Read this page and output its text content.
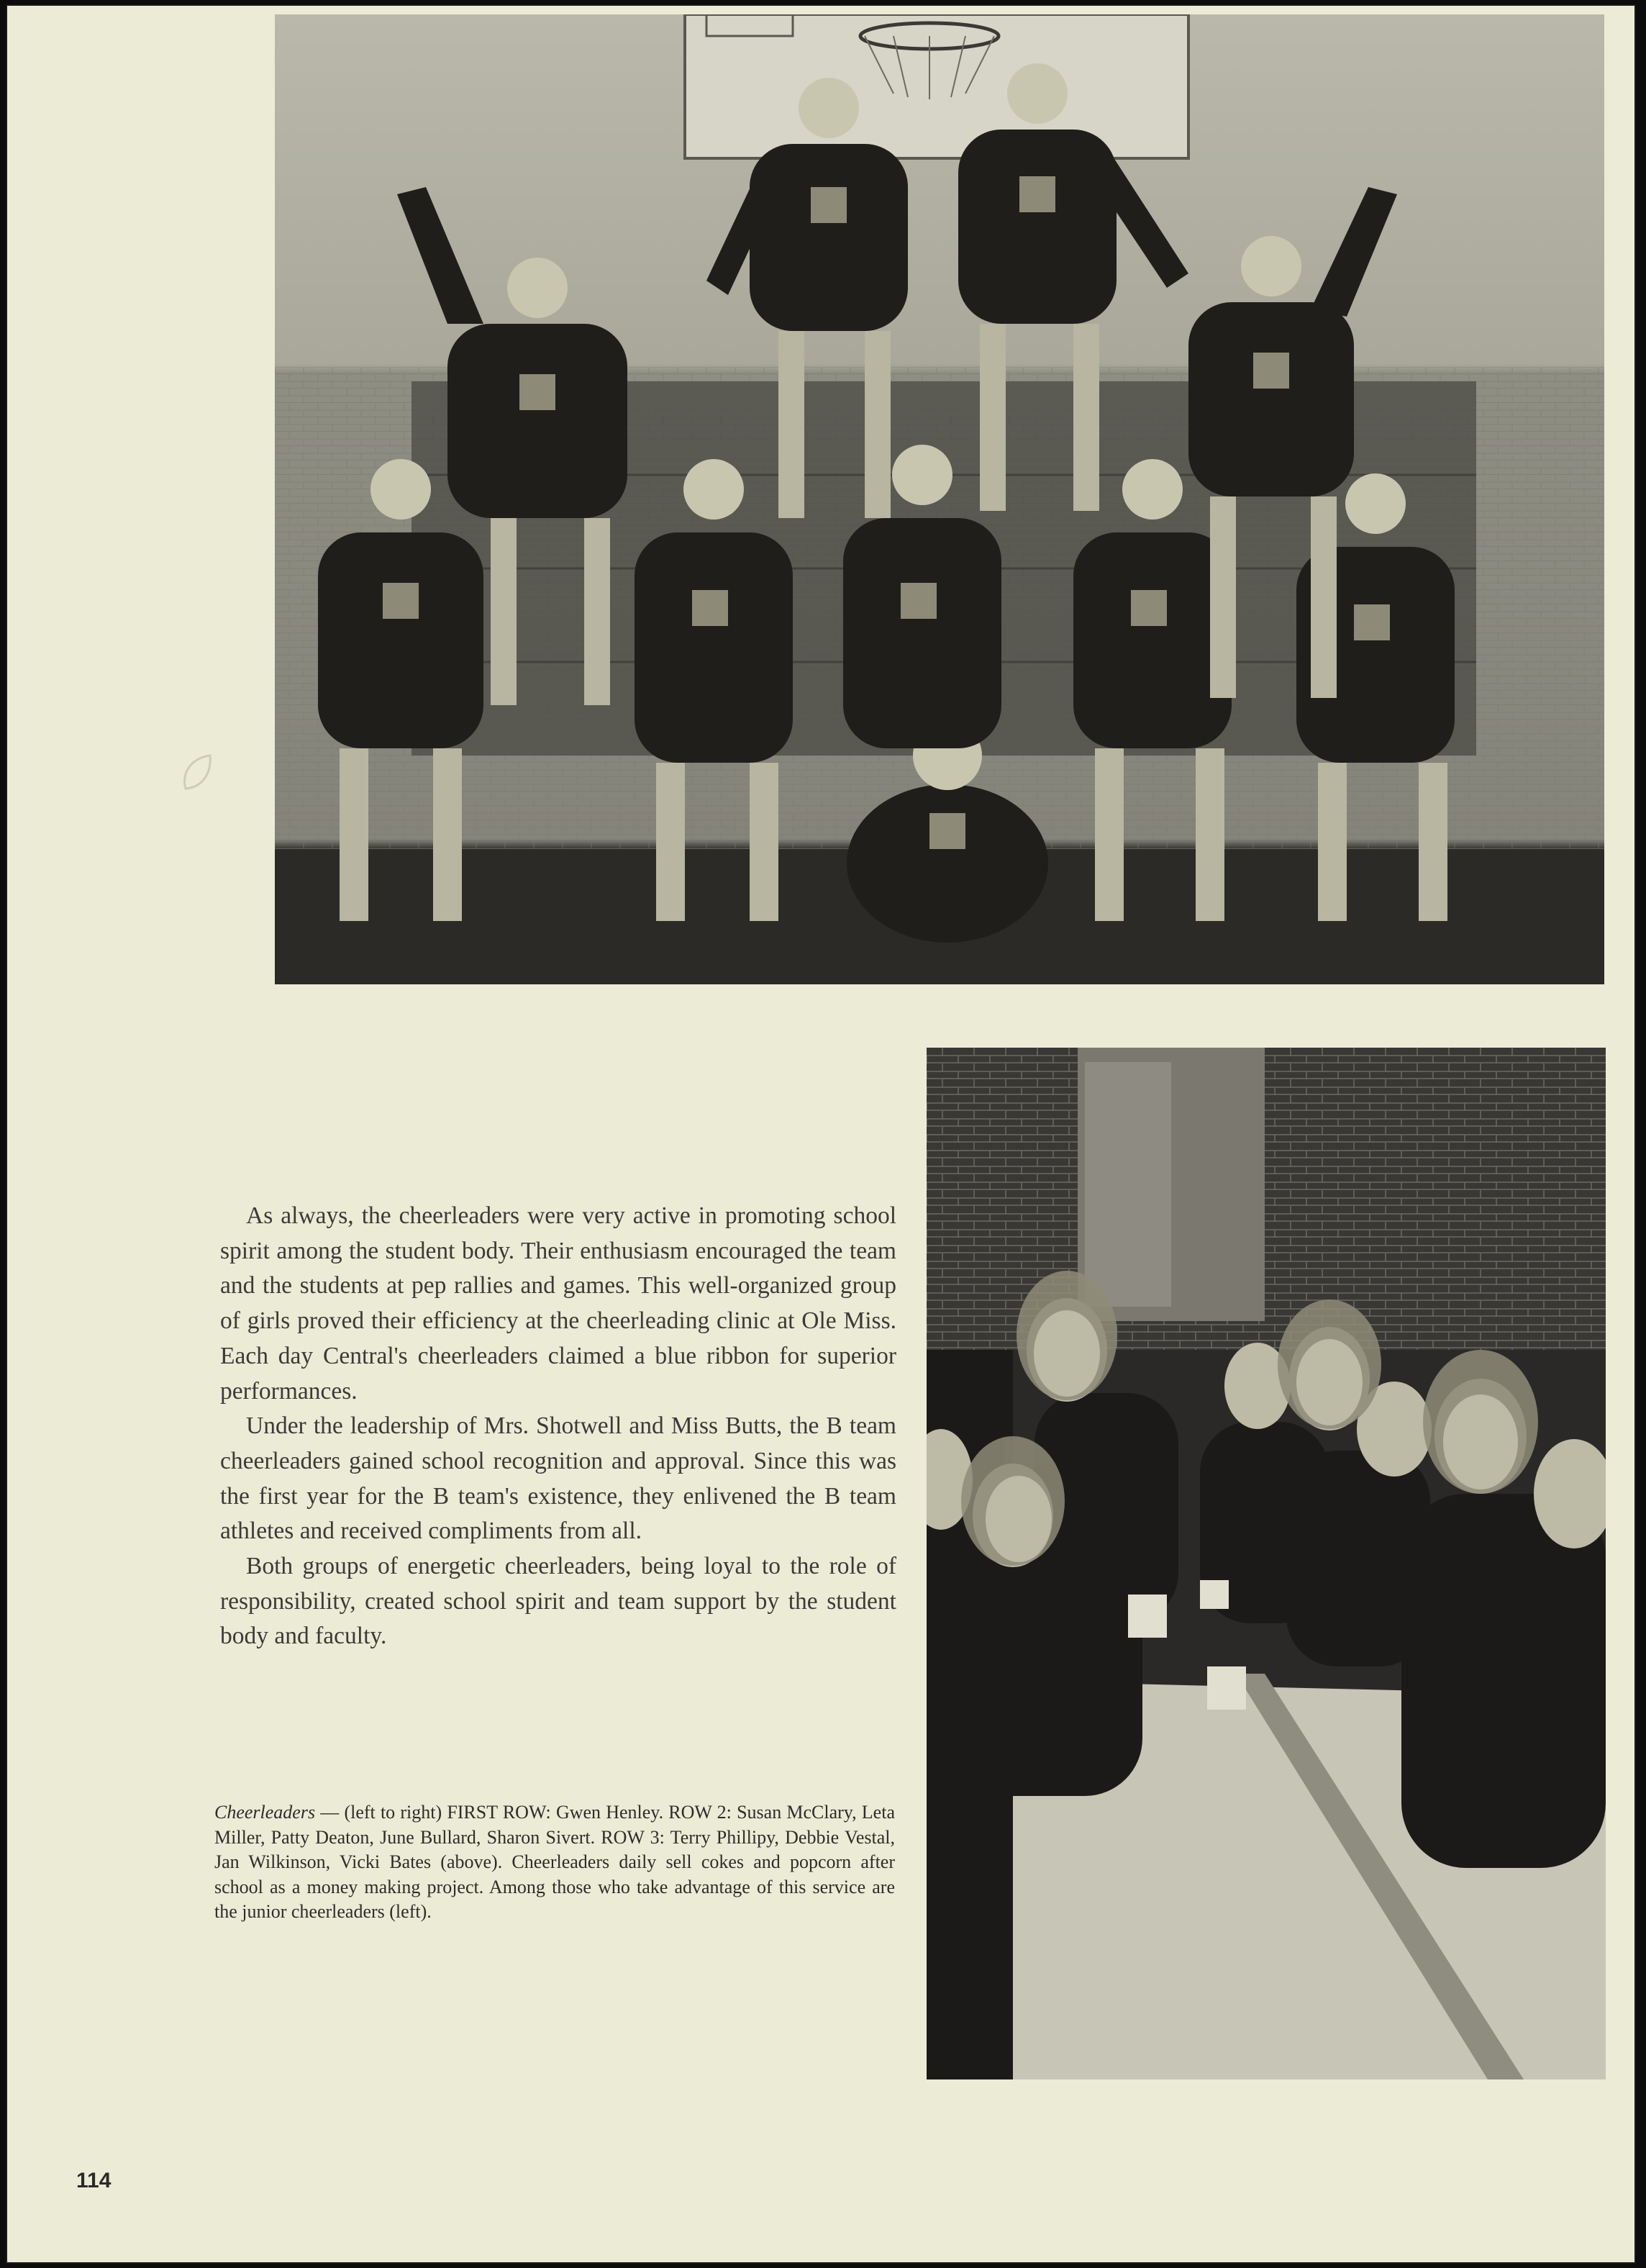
As always, the cheerleaders were very active in promoting school spirit among the student body. Their enthusiasm encouraged the team and the students at pep rallies and games. This well-organized group of girls proved their efficiency at the cheerleading clinic at Ole Miss. Each day Central's cheerleaders claimed a blue ribbon for superior performances.

Under the leadership of Mrs. Shotwell and Miss Butts, the B team cheerleaders gained school recognition and approval. Since this was the first year for the B team's existence, they enlivened the B team athletes and received compliments from all.

Both groups of energetic cheerleaders, being loyal to the role of responsibility, created school spirit and team support by the student body and faculty.

Cheerleaders — (left to right) FIRST ROW: Gwen Henley. ROW 2: Susan McClary, Leta Miller, Patty Deaton, June Bullard, Sharon Sivert. ROW 3: Terry Phillipy, Debbie Vestal, Jan Wilkinson, Vicki Bates (above). Cheerleaders daily sell cokes and popcorn after school as a money making project. Among those who take advantage of this service are the junior cheerleaders (left).
114
